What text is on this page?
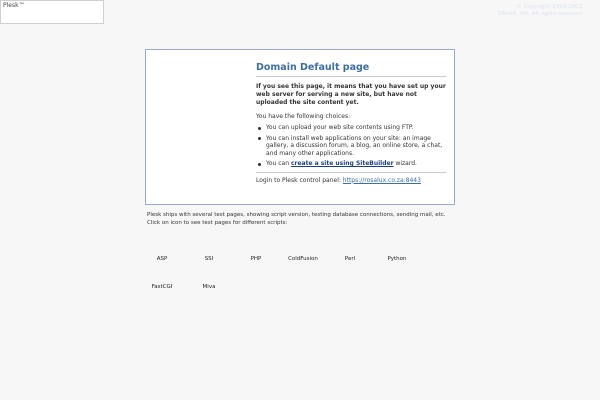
Plesk™	© Copyright 1999-2003
SWsoft, Inc. All rights reserved
Domain Default page
If you see this page, it means that you have set up your web server for serving a new site, but have not uploaded the site content yet.
You have the following choices:
You can upload your web site contents using FTP.
You can install web applications on your site: an image gallery, a discussion forum, a blog, an online store, a chat, and many other applications.
You can create a site using SiteBuilder wizard.
Login to Plesk control panel: https://rosalux.co.za:8443
Plesk ships with several test pages, showing script version, testing database connections, sending mail, etc. Click on icon to see test pages for different scripts:
ASP	SSI	PHP	ColdFusion	Perl	Python
FastCGI	Miva
